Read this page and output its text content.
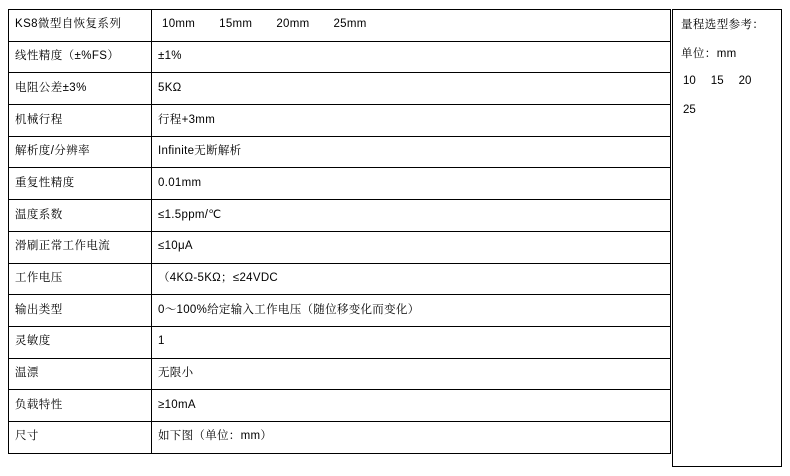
KS8微型自恢复系列	10mm 15mm 20mm 25mm

线性精度（±%FS）	±1%
电阻公差±3%	5KΩ
机械行程	行程+3mm
解析度/分辨率	Infinite无断解析
重复性精度	0.01mm
温度系数	≤1.5ppm/℃
滑刷正常工作电流	≤10μA
工作电压	（4KΩ-5KΩ；≤24VDC
输出类型	0～100%给定输入工作电压（随位移变化而变化）
灵敏度	1
温漂	无限小
负载特性	≥10mA
尺寸	如下图（单位：mm）
量程选型参考：
单位：mm
10 15 20
25
